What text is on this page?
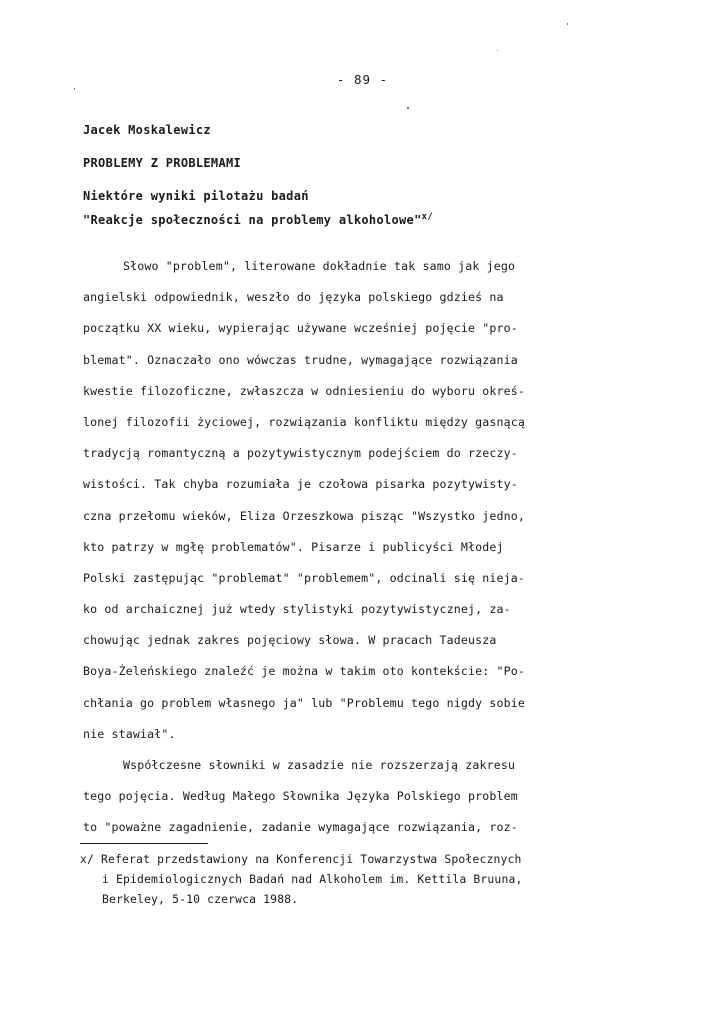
- 89 -
Jacek Moskalewicz
PROBLEMY Z PROBLEMAMI
Niektóre wyniki pilotażu badań
"Reakcje społeczności na problemy alkoholowe"$^{x/}$
Słowo "problem", literowane dokładnie tak samo jak jego
angielski odpowiednik, weszło do języka polskiego gdzieś na
początku XX wieku, wypierając używane wcześniej pojęcie "pro-
blemat". Oznaczało ono wówczas trudne, wymagające rozwiązania
kwestie filozoficzne, zwłaszcza w odniesieniu do wyboru okreś-
lonej filozofii życiowej, rozwiązania konfliktu między gasnącą
tradycją romantyczną a pozytywistycznym podejściem do rzeczy-
wistości. Tak chyba rozumiała je czołowa pisarka pozytywisty-
czna przełomu wieków, Eliza Orzeszkowa pisząc "Wszystko jedno,
kto patrzy w mgłę problematów". Pisarze i publicyści Młodej
Polski zastępując "problemat" "problemem", odcinali się nieja-
ko od archaicznej już wtedy stylistyki pozytywistycznej, za-
chowując jednak zakres pojęciowy słowa. W pracach Tadeusza
Boya-Żeleńskiego znaleźć je można w takim oto kontekście: "Po-
chłania go problem własnego ja" lub "Problemu tego nigdy sobie
nie stawiał".
Współczesne słowniki w zasadzie nie rozszerzają zakresu
tego pojęcia. Według Małego Słownika Języka Polskiego problem
to "poważne zagadnienie, zadanie wymagające rozwiązania, roz-
x/ Referat przedstawiony na Konferencji Towarzystwa Społecznych
i Epidemiologicznych Badań nad Alkoholem im. Kettila Bruuna,
Berkeley, 5-10 czerwca 1988.
